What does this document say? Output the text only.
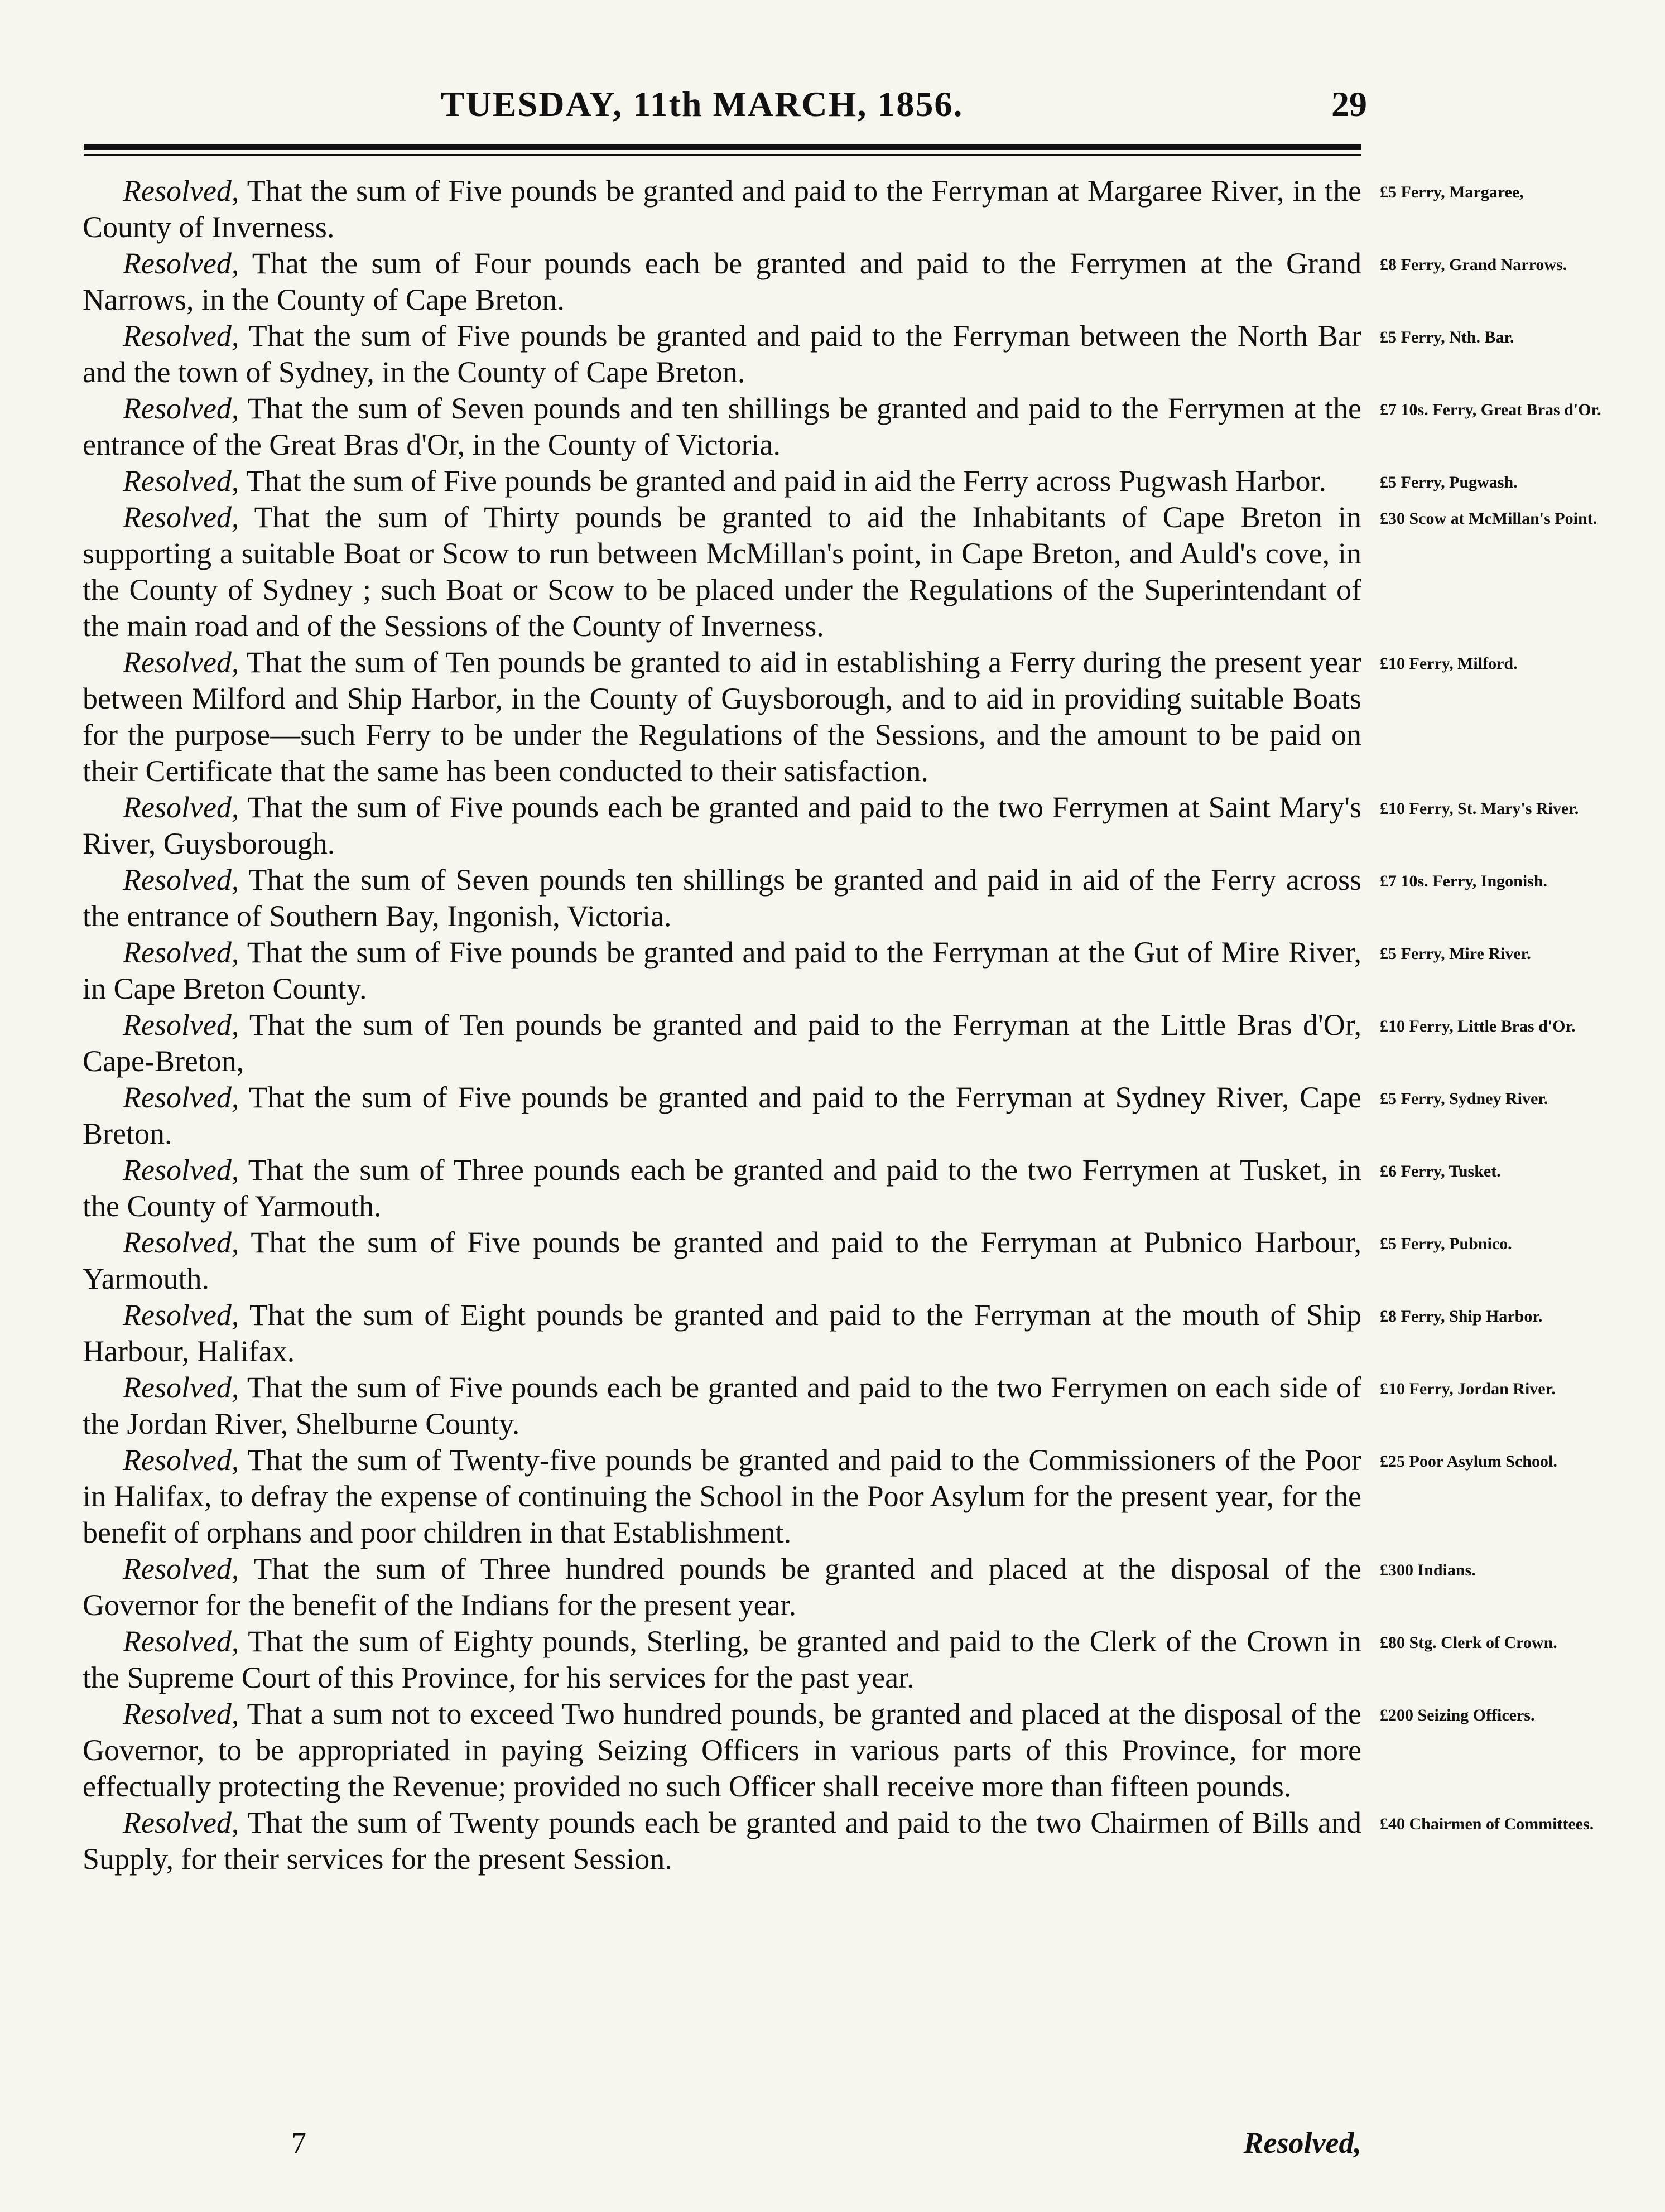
TUESDAY, 11th MARCH, 1856.	29

Resolved, That the sum of Five pounds be granted and paid to the Ferryman at Margaree River, in the County of Inverness.

£5 Ferry, Margaree,

Resolved, That the sum of Four pounds each be granted and paid to the Ferrymen at the Grand Narrows, in the County of Cape Breton.

£8 Ferry, Grand Narrows.

Resolved, That the sum of Five pounds be granted and paid to the Ferryman between the North Bar and the town of Sydney, in the County of Cape Breton.

£5 Ferry, Nth. Bar.

Resolved, That the sum of Seven pounds and ten shillings be granted and paid to the Ferrymen at the entrance of the Great Bras d'Or, in the County of Victoria.

£7 10s. Ferry, Great Bras d'Or.

Resolved, That the sum of Five pounds be granted and paid in aid the Ferry across Pugwash Harbor.	£5 Ferry, Pugwash.

Resolved, That the sum of Thirty pounds be granted to aid the Inhabitants of Cape Breton in supporting a suitable Boat or Scow to run between McMillan's point, in Cape Breton, and Auld's cove, in the County of Sydney ; such Boat or Scow to be placed under the Regulations of the Superintendant of the main road and of the Sessions of the County of Inverness.

£30 Scow at McMillan's Point.

Resolved, That the sum of Ten pounds be granted to aid in establishing a Ferry during the present year between Milford and Ship Harbor, in the County of Guysborough, and to aid in providing suitable Boats for the purpose—such Ferry to be under the Regulations of the Sessions, and the amount to be paid on their Certificate that the same has been conducted to their satisfaction.

£10 Ferry, Milford.

Resolved, That the sum of Five pounds each be granted and paid to the two Ferrymen at Saint Mary's River, Guysborough.

£10 Ferry, St. Mary's River.

Resolved, That the sum of Seven pounds ten shillings be granted and paid in aid of the Ferry across the entrance of Southern Bay, Ingonish, Victoria.

£7 10s. Ferry, Ingonish.

Resolved, That the sum of Five pounds be granted and paid to the Ferryman at the Gut of Mire River, in Cape Breton County.

£5 Ferry, Mire River.

Resolved, That the sum of Ten pounds be granted and paid to the Ferryman at the Little Bras d'Or, Cape-Breton,

£10 Ferry, Little Bras d'Or.

Resolved, That the sum of Five pounds be granted and paid to the Ferryman at Sydney River, Cape Breton.

£5 Ferry, Sydney River.

Resolved, That the sum of Three pounds each be granted and paid to the two Ferrymen at Tusket, in the County of Yarmouth.

£6 Ferry, Tusket.

Resolved, That the sum of Five pounds be granted and paid to the Ferryman at Pubnico Harbour, Yarmouth.

£5 Ferry, Pubnico.

Resolved, That the sum of Eight pounds be granted and paid to the Ferryman at the mouth of Ship Harbour, Halifax.

£8 Ferry, Ship Harbor.

Resolved, That the sum of Five pounds each be granted and paid to the two Ferrymen on each side of the Jordan River, Shelburne County.

£10 Ferry, Jordan River.

Resolved, That the sum of Twenty-five pounds be granted and paid to the Commissioners of the Poor in Halifax, to defray the expense of continuing the School in the Poor Asylum for the present year, for the benefit of orphans and poor children in that Establishment.

£25 Poor Asylum School.

Resolved, That the sum of Three hundred pounds be granted and placed at the disposal of the Governor for the benefit of the Indians for the present year.

£300 Indians.

Resolved, That the sum of Eighty pounds, Sterling, be granted and paid to the Clerk of the Crown in the Supreme Court of this Province, for his services for the past year.

£80 Stg. Clerk of Crown.

Resolved, That a sum not to exceed Two hundred pounds, be granted and placed at the disposal of the Governor, to be appropriated in paying Seizing Officers in various parts of this Province, for more effectually protecting the Revenue; provided no such Officer shall receive more than fifteen pounds.

£200 Seizing Officers.

Resolved, That the sum of Twenty pounds each be granted and paid to the two Chairmen of Bills and Supply, for their services for the present Session.

£40 Chairmen of Committees.
7	Resolved,
